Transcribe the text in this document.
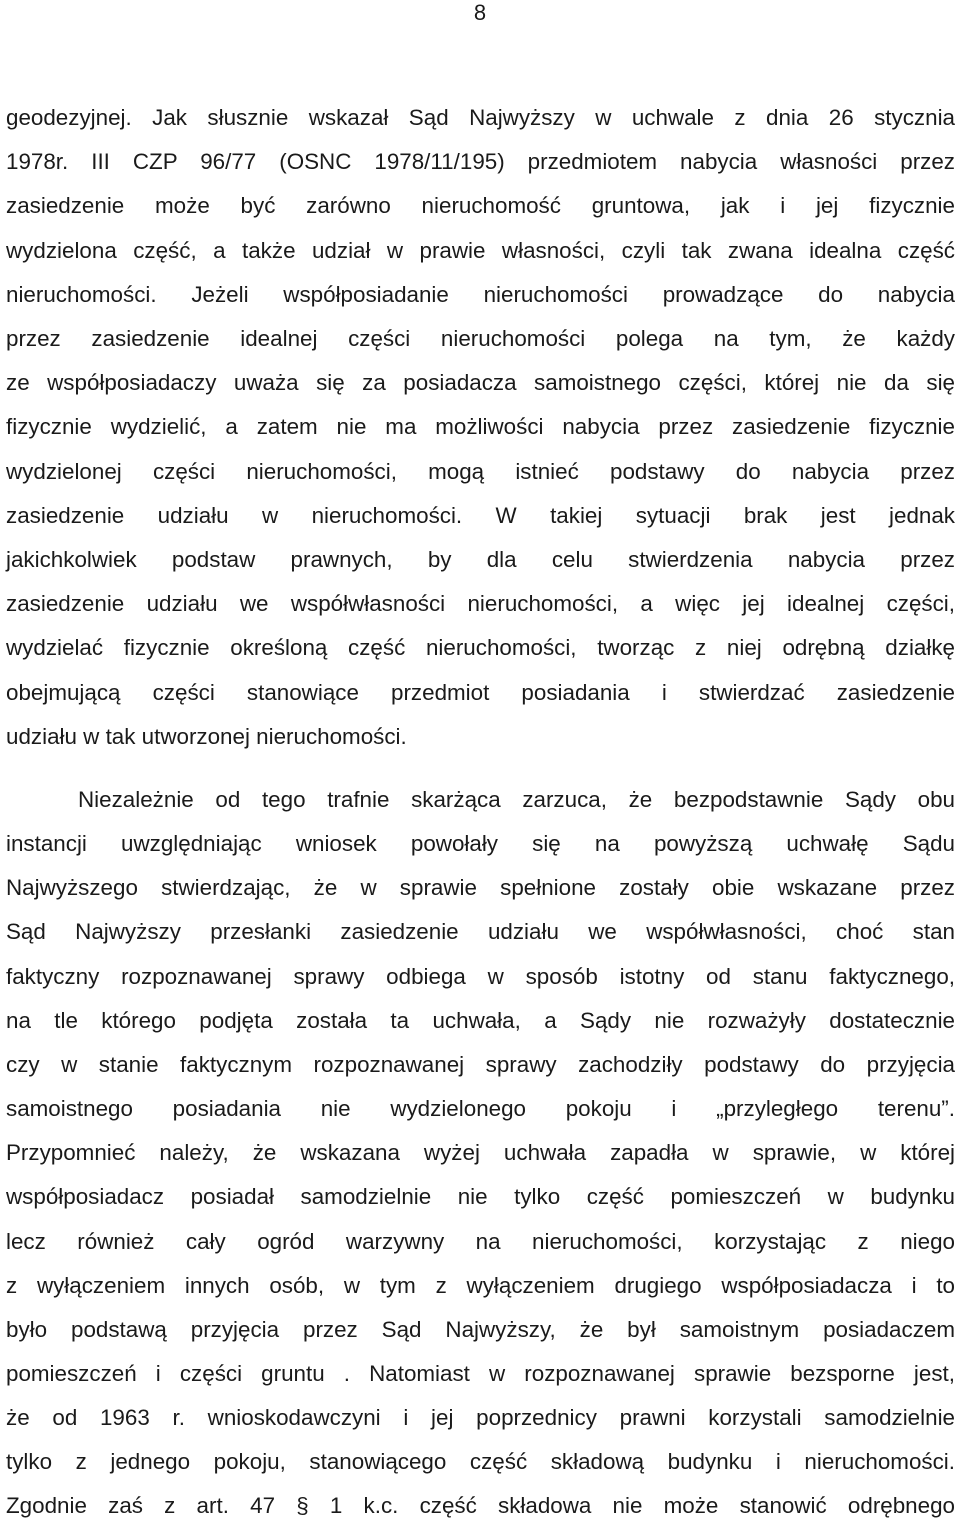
8
geodezyjnej. Jak słusznie wskazał Sąd Najwyższy w uchwale z dnia 26 stycznia
1978r. III CZP 96/77 (OSNC 1978/11/195) przedmiotem nabycia własności przez
zasiedzenie może być zarówno nieruchomość gruntowa, jak i jej fizycznie
wydzielona część, a także udział w prawie własności, czyli tak zwana idealna część
nieruchomości. Jeżeli współposiadanie nieruchomości prowadzące do nabycia
przez zasiedzenie idealnej części nieruchomości polega na tym, że każdy
ze współposiadaczy uważa się za posiadacza samoistnego części, której nie da się
fizycznie wydzielić, a zatem nie ma możliwości nabycia przez zasiedzenie fizycznie
wydzielonej części nieruchomości, mogą istnieć podstawy do nabycia przez
zasiedzenie udziału w nieruchomości. W takiej sytuacji brak jest jednak
jakichkolwiek podstaw prawnych, by dla celu stwierdzenia nabycia przez
zasiedzenie udziału we współwłasności nieruchomości, a więc jej idealnej części,
wydzielać fizycznie określoną część nieruchomości, tworząc z niej odrębną działkę
obejmującą części stanowiące przedmiot posiadania i stwierdzać zasiedzenie
udziału w tak utworzonej nieruchomości.
Niezależnie od tego trafnie skarżąca zarzuca, że bezpodstawnie Sądy obu
instancji uwzględniając wniosek powołały się na powyższą uchwałę Sądu
Najwyższego stwierdzając, że w sprawie spełnione zostały obie wskazane przez
Sąd Najwyższy przesłanki zasiedzenie udziału we współwłasności, choć stan
faktyczny rozpoznawanej sprawy odbiega w sposób istotny od stanu faktycznego,
na tle którego podjęta została ta uchwała, a Sądy nie rozważyły dostatecznie
czy w stanie faktycznym rozpoznawanej sprawy zachodziły podstawy do przyjęcia
samoistnego posiadania nie wydzielonego pokoju i „przyległego terenu”.
Przypomnieć należy, że wskazana wyżej uchwała zapadła w sprawie, w której
współposiadacz posiadał samodzielnie nie tylko część pomieszczeń w budynku
lecz również cały ogród warzywny na nieruchomości, korzystając z niego
z wyłączeniem innych osób, w tym z wyłączeniem drugiego współposiadacza i to
było podstawą przyjęcia przez Sąd Najwyższy, że był samoistnym posiadaczem
pomieszczeń i części gruntu . Natomiast w rozpoznawanej sprawie bezsporne jest,
że od 1963 r. wnioskodawczyni i jej poprzednicy prawni korzystali samodzielnie
tylko z jednego pokoju, stanowiącego część składową budynku i nieruchomości.
Zgodnie zaś z art. 47 § 1 k.c. część składowa nie może stanowić odrębnego
